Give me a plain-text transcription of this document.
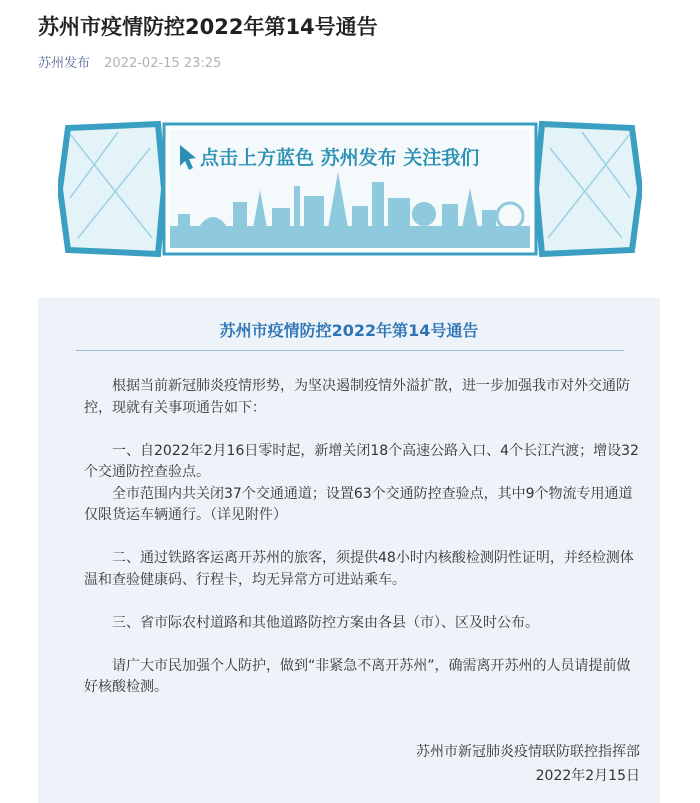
苏州市疫情防控2022年第14号通告
苏州发布 2022-02-15 23:25
点击上方蓝色 苏州发布 关注我们
苏州市疫情防控2022年第14号通告

根据当前新冠肺炎疫情形势，为坚决遏制疫情外溢扩散，进一步加强我市对外交通防控，现就有关事项通告如下：

一、自2022年2月16日零时起，新增关闭18个高速公路入口、4个长江汽渡；增设32个交通防控查验点。

全市范围内共关闭37个交通通道；设置63个交通防控查验点，其中9个物流专用通道仅限货运车辆通行。（详见附件）

二、通过铁路客运离开苏州的旅客，须提供48小时内核酸检测阴性证明，并经检测体温和查验健康码、行程卡，均无异常方可进站乘车。

三、省市际农村道路和其他道路防控方案由各县（市）、区及时公布。

请广大市民加强个人防护，做到“非紧急不离开苏州”，确需离开苏州的人员请提前做好核酸检测。

苏州市新冠肺炎疫情联防联控指挥部
2022年2月15日
